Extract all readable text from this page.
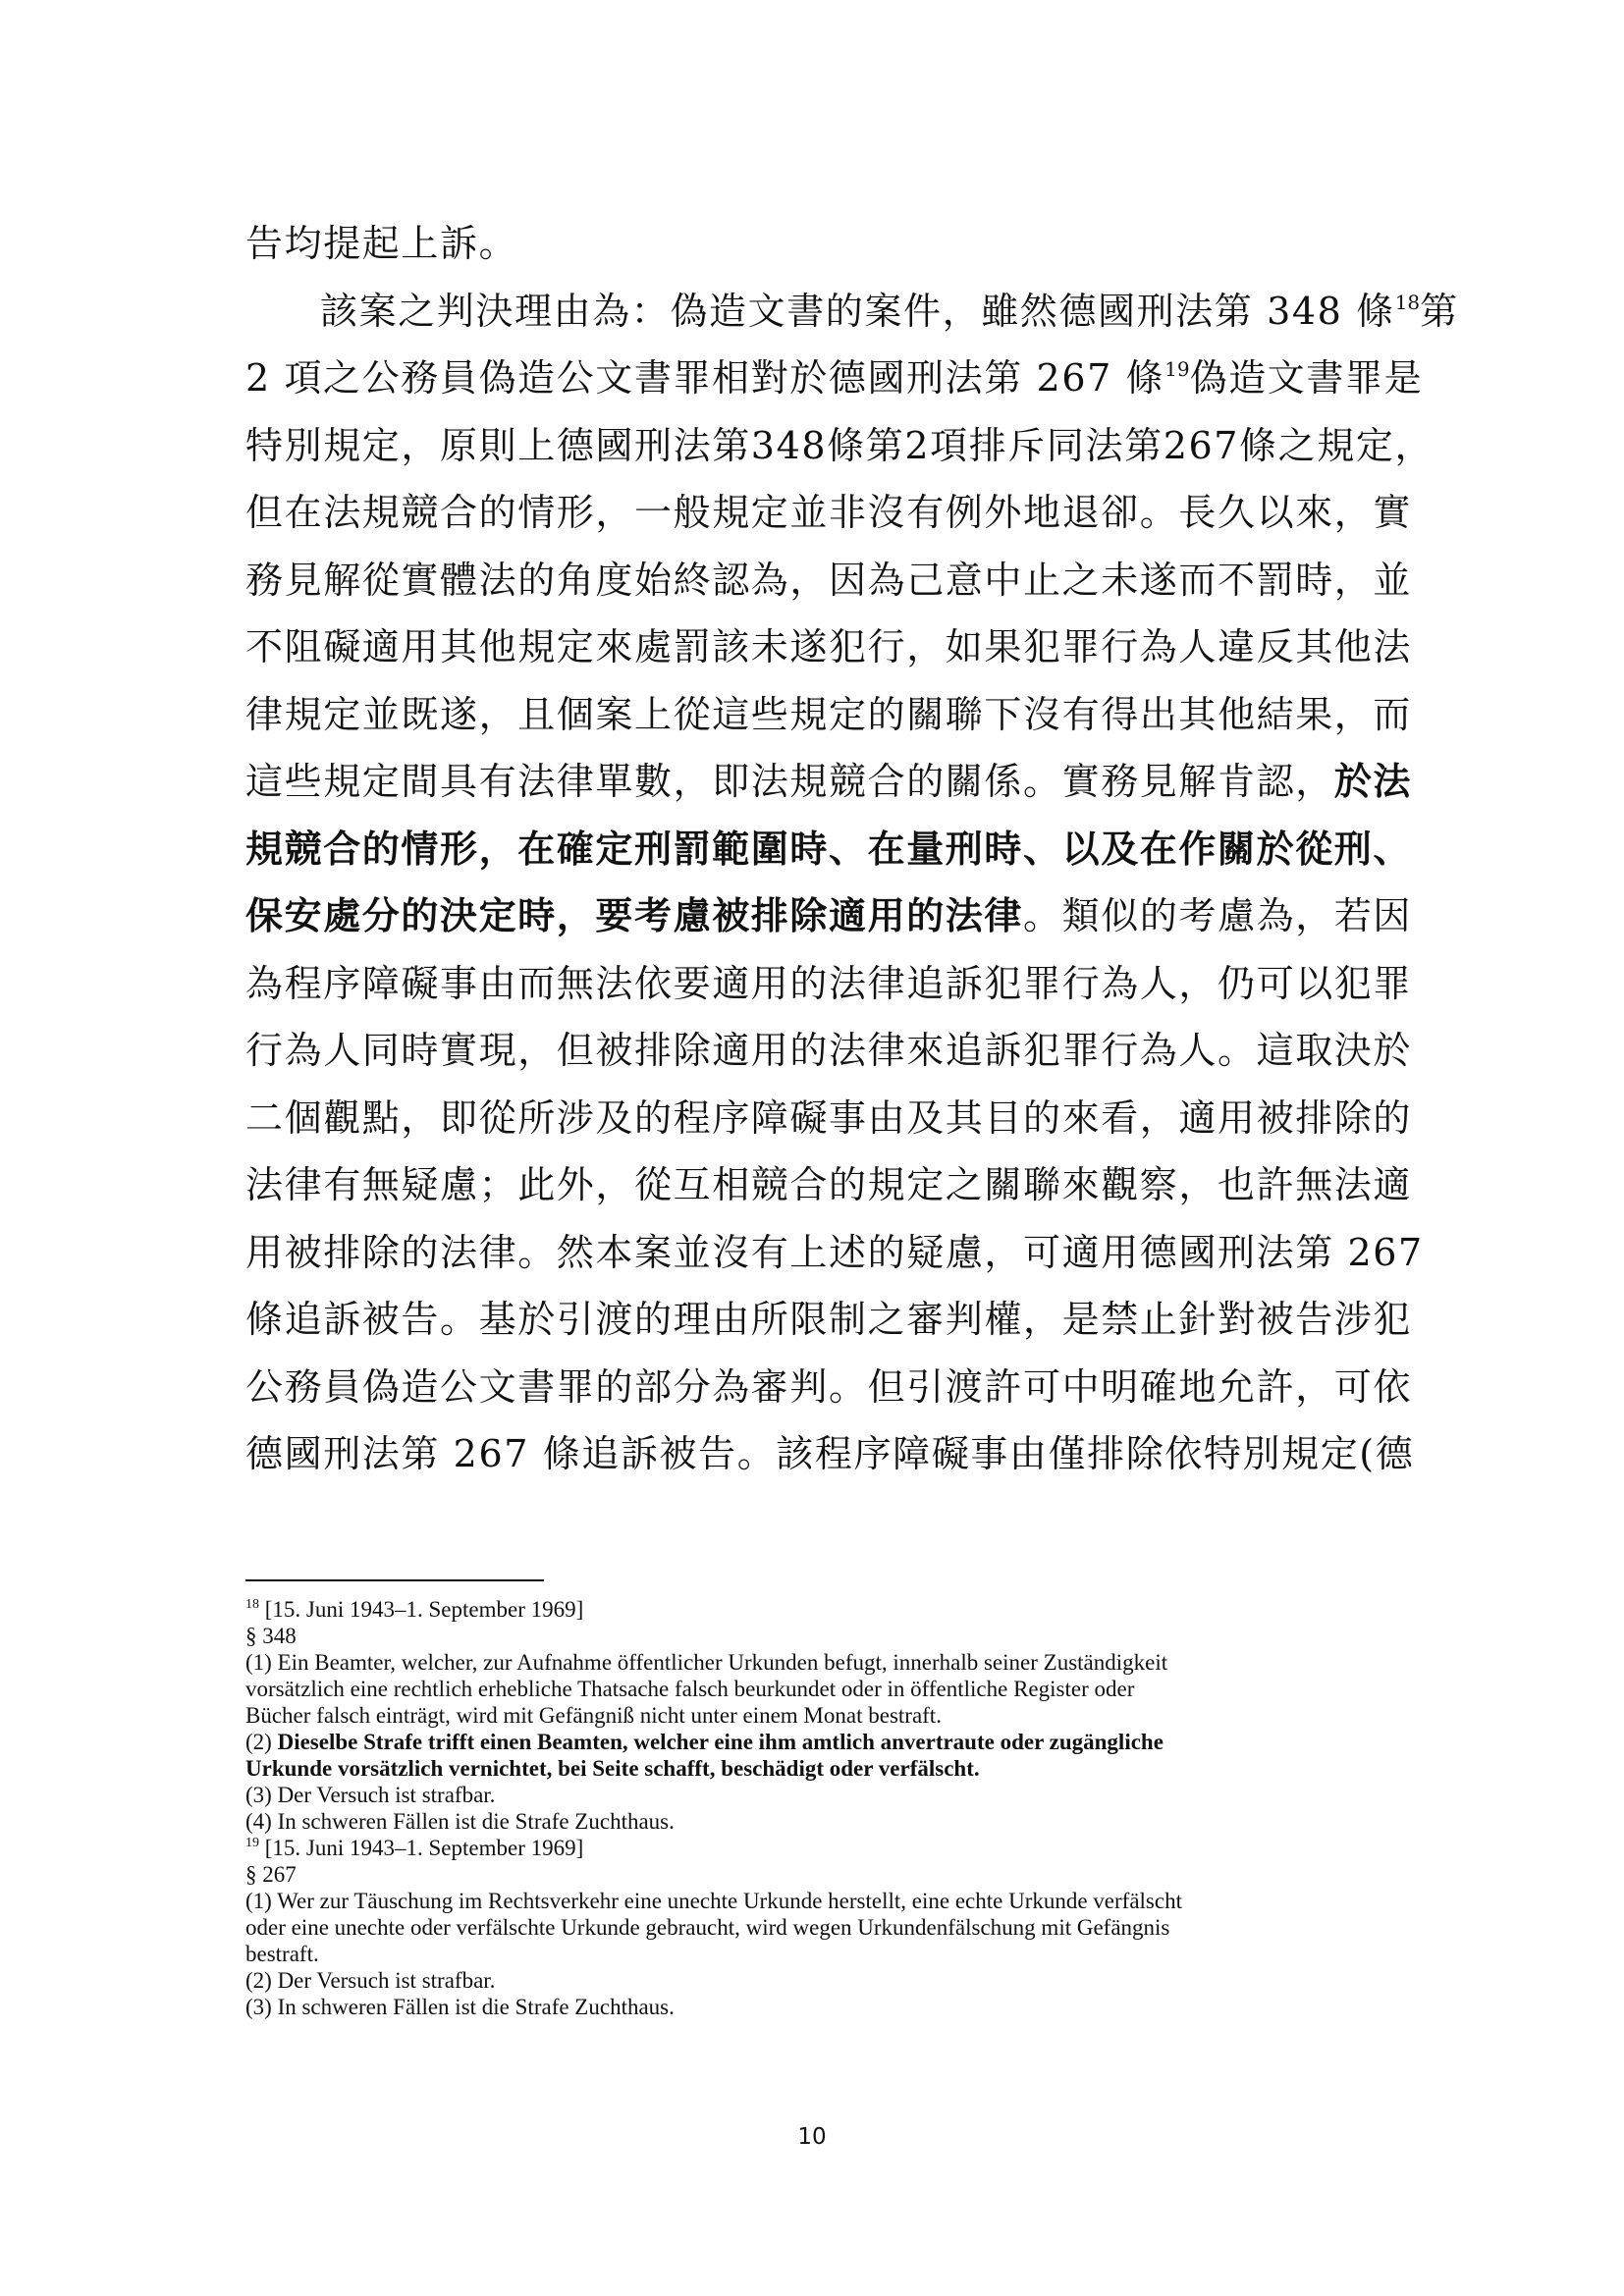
告均提起上訴。
該案之判決理由為：偽造文書的案件，雖然德國刑法第 348 條$^{18}$第
2 項之公務員偽造公文書罪相對於德國刑法第 267 條$^{19}$偽造文書罪是
特別規定，原則上德國刑法第348條第2項排斥同法第267條之規定，
但在法規競合的情形，一般規定並非沒有例外地退卻。長久以來，實
務見解從實體法的角度始終認為，因為己意中止之未遂而不罰時，並
不阻礙適用其他規定來處罰該未遂犯行，如果犯罪行為人違反其他法
律規定並既遂，且個案上從這些規定的關聯下沒有得出其他結果，而
這些規定間具有法律單數，即法規競合的關係。實務見解肯認，於法
規競合的情形，在確定刑罰範圍時、在量刑時、以及在作關於從刑、
保安處分的決定時，要考慮被排除適用的法律。類似的考慮為，若因
為程序障礙事由而無法依要適用的法律追訴犯罪行為人，仍可以犯罪
行為人同時實現，但被排除適用的法律來追訴犯罪行為人。這取決於
二個觀點，即從所涉及的程序障礙事由及其目的來看，適用被排除的
法律有無疑慮；此外，從互相競合的規定之關聯來觀察，也許無法適
用被排除的法律。然本案並沒有上述的疑慮，可適用德國刑法第 267
條追訴被告。基於引渡的理由所限制之審判權，是禁止針對被告涉犯
公務員偽造公文書罪的部分為審判。但引渡許可中明確地允許，可依
德國刑法第 267 條追訴被告。該程序障礙事由僅排除依特別規定(德
$^{18}$ [15. Juni 1943–1. September 1969]
§ 348
(1) Ein Beamter, welcher, zur Aufnahme öffentlicher Urkunden befugt, innerhalb seiner Zuständigkeit
vorsätzlich eine rechtlich erhebliche Thatsache falsch beurkundet oder in öffentliche Register oder
Bücher falsch einträgt, wird mit Gefängniß nicht unter einem Monat bestraft.
(2) Dieselbe Strafe trifft einen Beamten, welcher eine ihm amtlich anvertraute oder zugängliche
Urkunde vorsätzlich vernichtet, bei Seite schafft, beschädigt oder verfälscht.
(3) Der Versuch ist strafbar.
(4) In schweren Fällen ist die Strafe Zuchthaus.
$^{19}$ [15. Juni 1943–1. September 1969]
§ 267
(1) Wer zur Täuschung im Rechtsverkehr eine unechte Urkunde herstellt, eine echte Urkunde verfälscht
oder eine unechte oder verfälschte Urkunde gebraucht, wird wegen Urkundenfälschung mit Gefängnis
bestraft.
(2) Der Versuch ist strafbar.
(3) In schweren Fällen ist die Strafe Zuchthaus.
10
